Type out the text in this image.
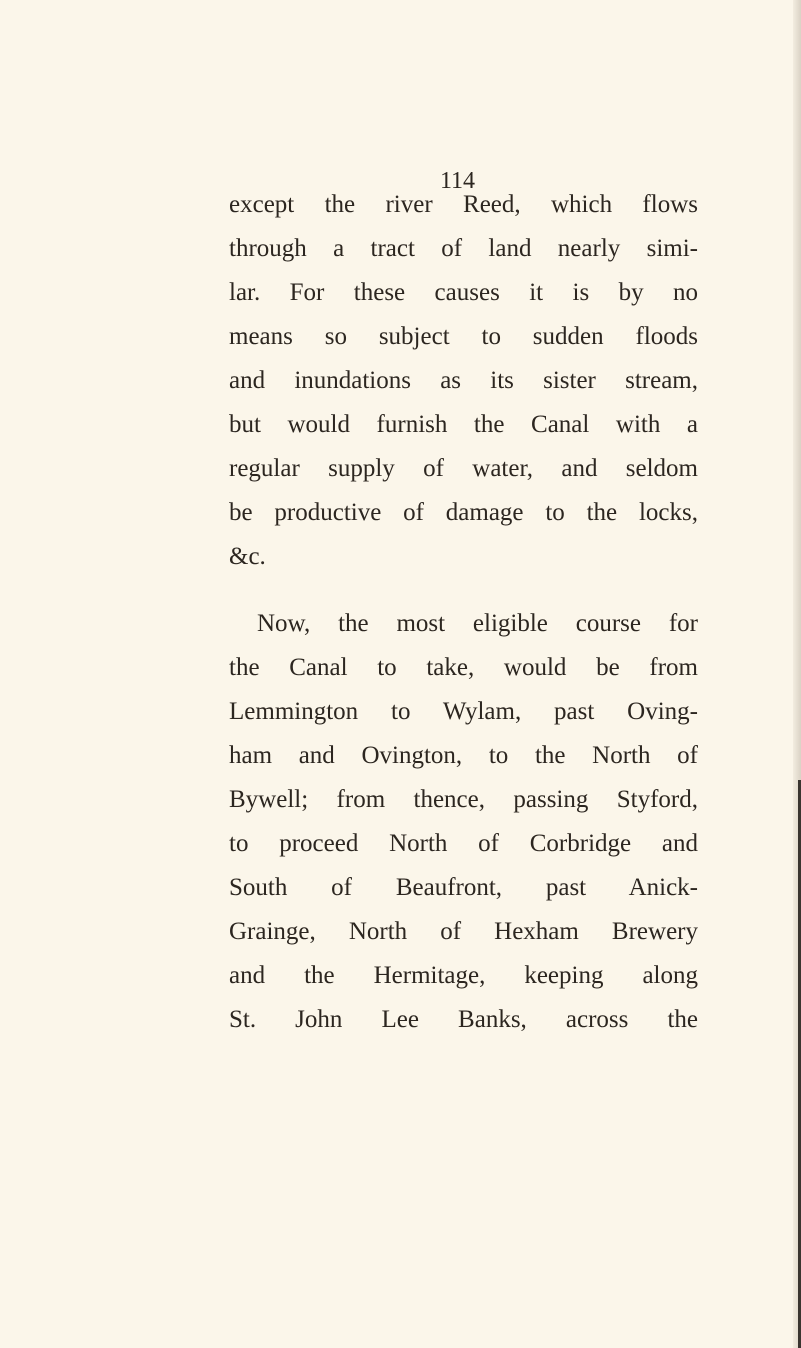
114
except the river Reed, which flows
through a tract of land nearly simi-
lar. For these causes it is by no
means so subject to sudden floods
and inundations as its sister stream,
but would furnish the Canal with a
regular supply of water, and seldom
be productive of damage to the locks,
&c.
Now, the most eligible course for
the Canal to take, would be from
Lemmington to Wylam, past Oving-
ham and Ovington, to the North of
Bywell; from thence, passing Styford,
to proceed North of Corbridge and
South of Beaufront, past Anick-
Grainge, North of Hexham Brewery
and the Hermitage, keeping along
St. John Lee Banks, across the
